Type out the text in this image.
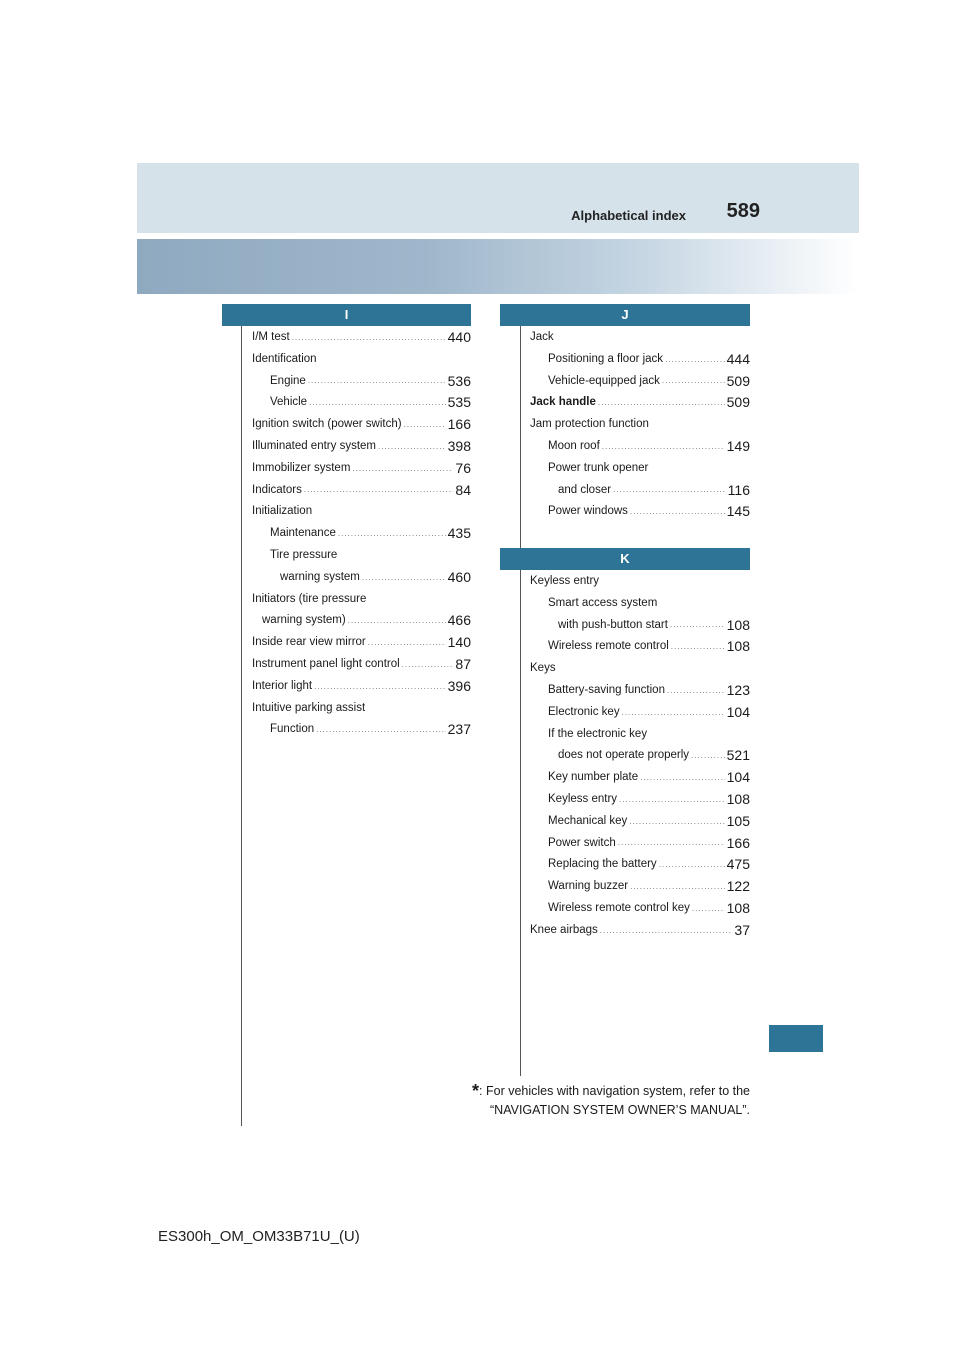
589
Alphabetical index
I	J
K
I/M test .....	440
Identification
Engine .....	536
Vehicle .....	535
Ignition switch (power switch) .....	166
Illuminated entry system .....	398
Immobilizer system .....	76
Indicators .....	84
Initialization
Maintenance .....	435
Tire pressure
warning system .....	460
Initiators (tire pressure
warning system) .....	466
Inside rear view mirror .....	140
Instrument panel light control .....	87
Interior light .....	396
Intuitive parking assist
Function .....	237
Jack
Positioning a floor jack .....	444
Vehicle-equipped jack .....	509
Jack handle .....	509
Jam protection function
Moon roof .....	149
Power trunk opener
and closer .....	116
Power windows .....	145
Keyless entry
Smart access system
with push-button start .....	108
Wireless remote control .....	108
Keys
Battery-saving function .....	123
Electronic key .....	104
If the electronic key
does not operate properly .....	521
Key number plate .....	104
Keyless entry .....	108
Mechanical key .....	105
Power switch .....	166
Replacing the battery .....	475
Warning buzzer .....	122
Wireless remote control key .....	108
Knee airbags .....	37
*: For vehicles with navigation system, refer to the
“NAVIGATION SYSTEM OWNER’S MANUAL”.
ES300h_OM_OM33B71U_(U)
